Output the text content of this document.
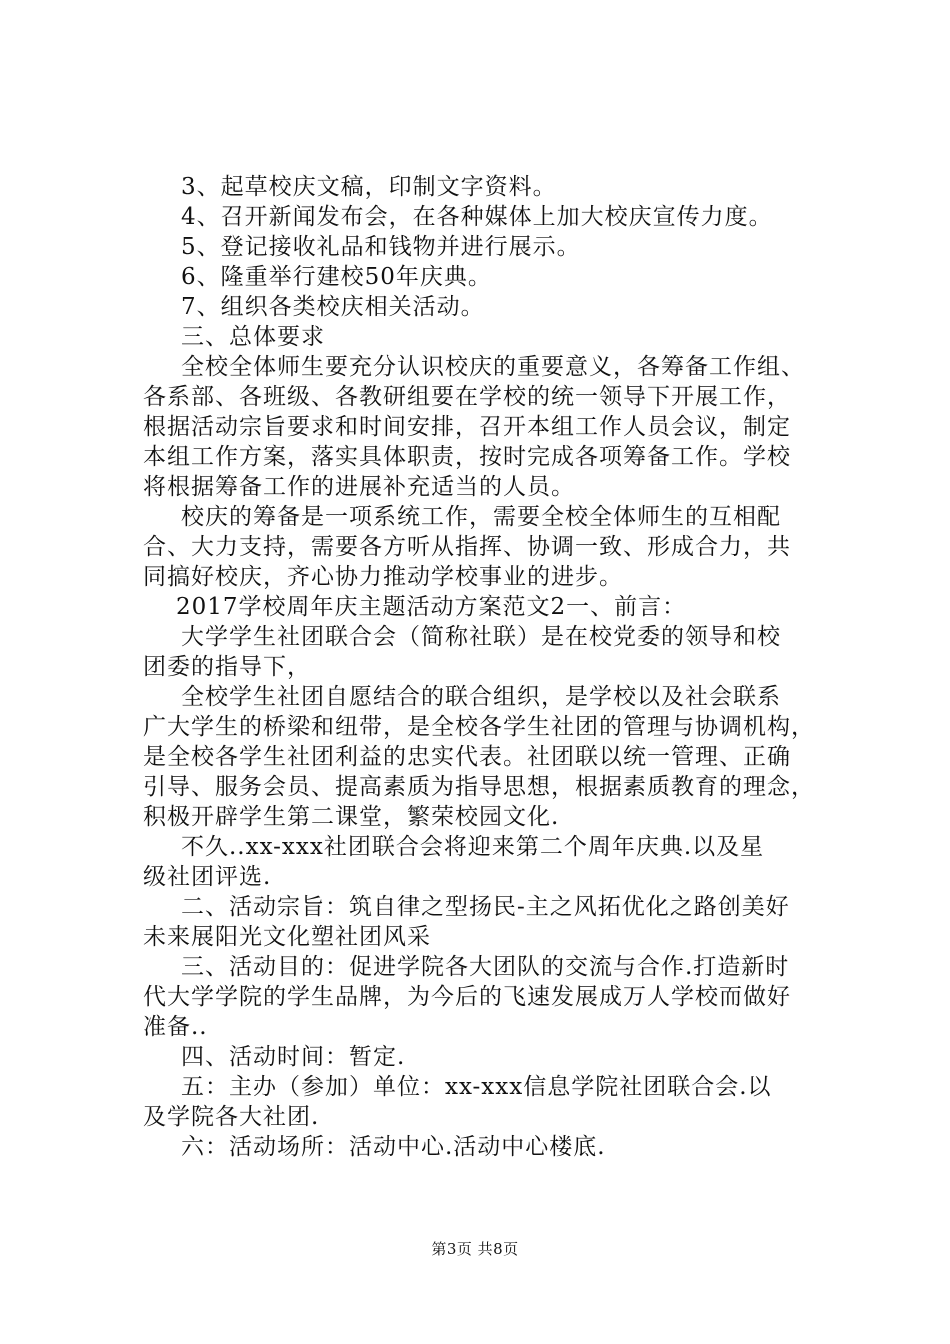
3、起草校庆文稿，印制文字资料。
4、召开新闻发布会，在各种媒体上加大校庆宣传力度。
5、登记接收礼品和钱物并进行展示。
6、隆重举行建校50年庆典。
7、组织各类校庆相关活动。
三、总体要求
全校全体师生要充分认识校庆的重要意义，各筹备工作组、
各系部、各班级、各教研组要在学校的统一领导下开展工作，
根据活动宗旨要求和时间安排，召开本组工作人员会议，制定
本组工作方案，落实具体职责，按时完成各项筹备工作。学校
将根据筹备工作的进展补充适当的人员。
校庆的筹备是一项系统工作，需要全校全体师生的互相配
合、大力支持，需要各方听从指挥、协调一致、形成合力，共
同搞好校庆，齐心协力推动学校事业的进步。
2017学校周年庆主题活动方案范文2一、前言：
大学学生社团联合会（简称社联）是在校党委的领导和校
团委的指导下，
全校学生社团自愿结合的联合组织，是学校以及社会联系
广大学生的桥梁和纽带，是全校各学生社团的管理与协调机构，
是全校各学生社团利益的忠实代表。社团联以统一管理、正确
引导、服务会员、提高素质为指导思想，根据素质教育的理念，
积极开辟学生第二课堂，繁荣校园文化.
不久..xx-xxx社团联合会将迎来第二个周年庆典.以及星
级社团评选.
二、活动宗旨：筑自律之型扬民-主之风拓优化之路创美好
未来展阳光文化塑社团风采
三、活动目的：促进学院各大团队的交流与合作.打造新时
代大学学院的学生品牌，为今后的飞速发展成万人学校而做好
准备..
四、活动时间：暂定.
五：主办（参加）单位：xx-xxx信息学院社团联合会.以
及学院各大社团.
六：活动场所：活动中心.活动中心楼底.
第3页 共8页
